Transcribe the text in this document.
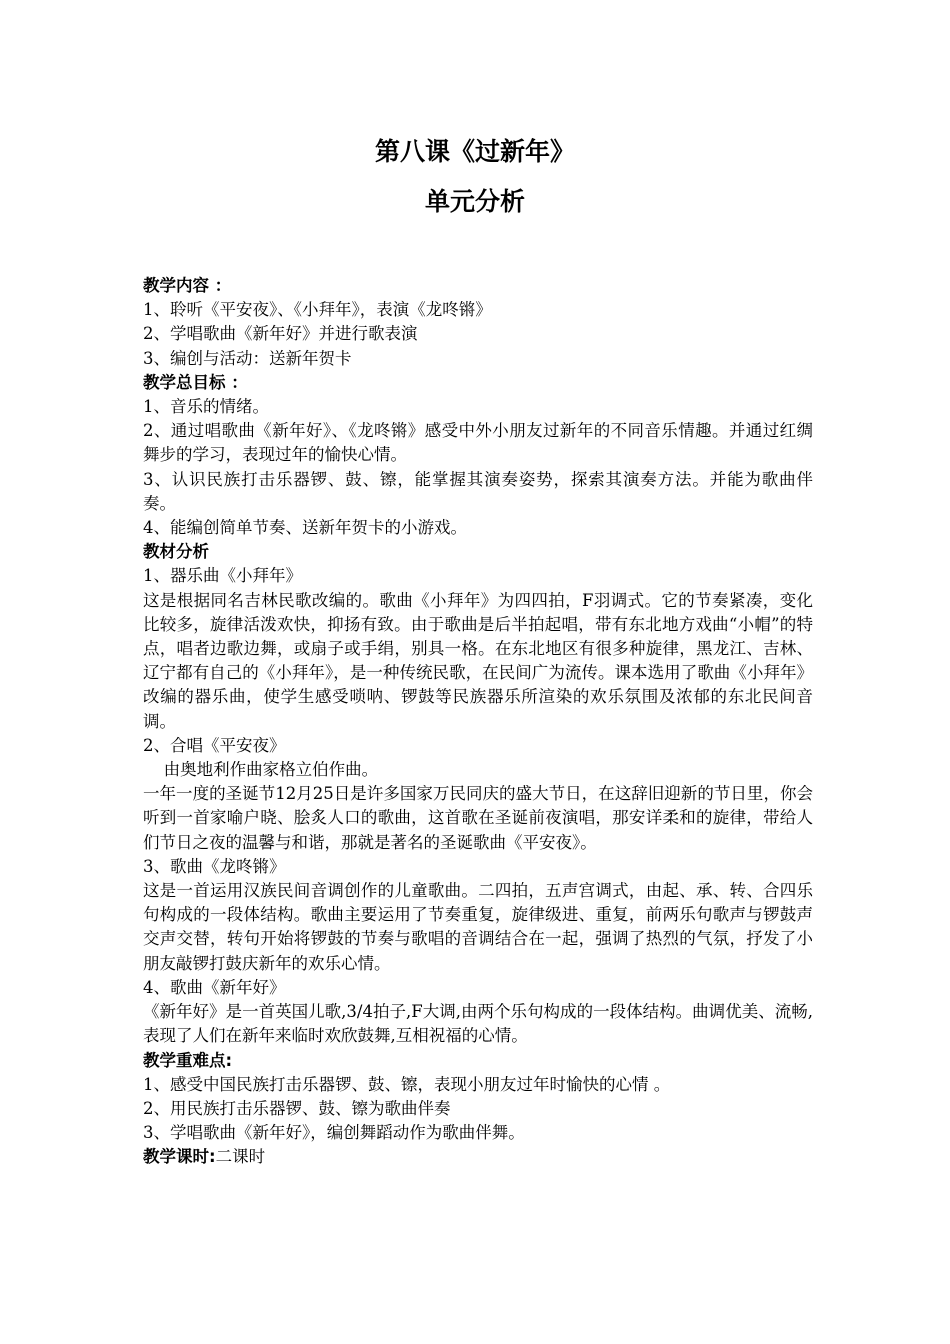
第八课《过新年》
单元分析

教学内容 ：

1、聆听《平安夜》、《小拜年》，表演《龙咚锵》

2、学唱歌曲《新年好》并进行歌表演

3、编创与活动：送新年贺卡

教学总目标 ：

1、音乐的情绪。

2、通过唱歌曲《新年好》、《龙咚锵》感受中外小朋友过新年的不同音乐情趣。并通过红绸舞步的学习，表现过年的愉快心情。

3、认识民族打击乐器锣、鼓、镲，能掌握其演奏姿势，探索其演奏方法。并能为歌曲伴奏。

4、能编创简单节奏、送新年贺卡的小游戏。

教材分析

1、器乐曲《小拜年》

这是根据同名吉林民歌改编的。歌曲《小拜年》为四四拍，F羽调式。它的节奏紧凑，变化比较多，旋律活泼欢快，抑扬有致。由于歌曲是后半拍起唱，带有东北地方戏曲“小帽”的特点，唱者边歌边舞，或扇子或手绢，别具一格。在东北地区有很多种旋律，黑龙江、吉林、辽宁都有自己的《小拜年》，是一种传统民歌，在民间广为流传。课本选用了歌曲《小拜年》改编的器乐曲，使学生感受唢呐、锣鼓等民族器乐所渲染的欢乐氛围及浓郁的东北民间音调。

2、合唱《平安夜》

由奥地利作曲家格立伯作曲。

一年一度的圣诞节12月25日是许多国家万民同庆的盛大节日，在这辞旧迎新的节日里，你会听到一首家喻户晓、脍炙人口的歌曲，这首歌在圣诞前夜演唱，那安详柔和的旋律，带给人们节日之夜的温馨与和谐，那就是著名的圣诞歌曲《平安夜》。

3、歌曲《龙咚锵》

这是一首运用汉族民间音调创作的儿童歌曲。二四拍，五声宫调式，由起、承、转、合四乐句构成的一段体结构。歌曲主要运用了节奏重复，旋律级进、重复，前两乐句歌声与锣鼓声交声交替，转句开始将锣鼓的节奏与歌唱的音调结合在一起，强调了热烈的气氛，抒发了小朋友敲锣打鼓庆新年的欢乐心情。

4、歌曲《新年好》

《新年好》是一首英国儿歌,3/4拍子,F大调,由两个乐句构成的一段体结构。曲调优美、流畅,表现了人们在新年来临时欢欣鼓舞,互相祝福的心情。

教学重难点:

1、感受中国民族打击乐器锣、鼓、镲，表现小朋友过年时愉快的心情 。

2、用民族打击乐器锣、鼓、镲为歌曲伴奏

3、学唱歌曲《新年好》，编创舞蹈动作为歌曲伴舞。

教学课时:二课时
